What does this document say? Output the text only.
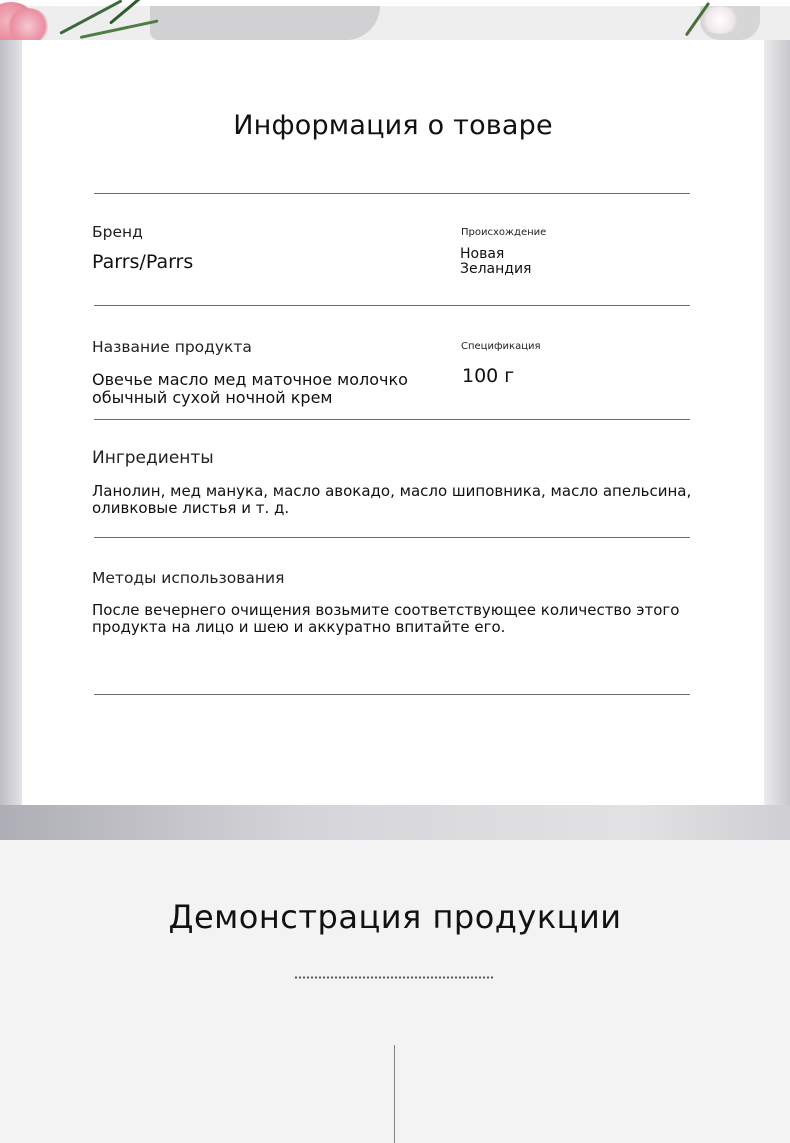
Информация о товаре
Бренд
Parrs/Parrs
Происхождение
Новая Зеландия
Название продукта
Овечье масло мед маточное молочко обычный сухой ночной крем
Спецификация
100 г
Ингредиенты
Ланолин, мед манука, масло авокадо, масло шиповника, масло апельсина, оливковые листья и т. д.
Методы использования
После вечернего очищения возьмите соответствующее количество этого продукта на лицо и шею и аккуратно впитайте его.
Демонстрация продукции
